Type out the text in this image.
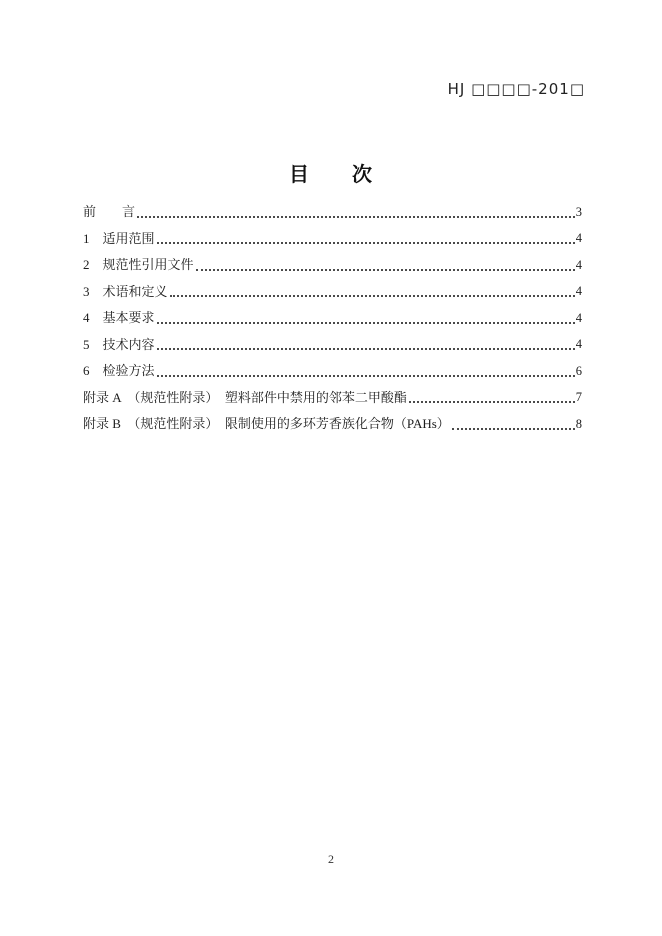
HJ □□□□-201□
目　　次
前　　言	3
1　适用范围	4
2　规范性引用文件	4
3　术语和定义	4
4　基本要求	4
5　技术内容	4
6　检验方法	6
附录 A　（规范性附录）　塑料部件中禁用的邻苯二甲酸酯	7
附录 B　（规范性附录）　限制使用的多环芳香族化合物（PAHs）	8
2
